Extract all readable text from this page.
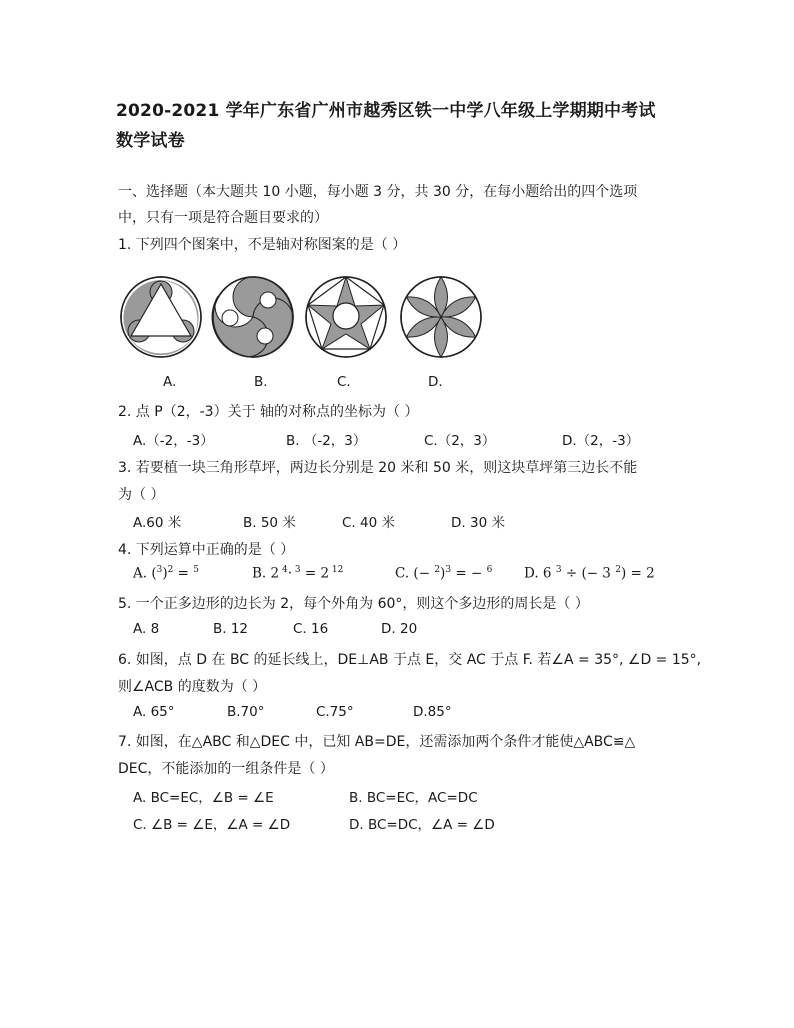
2020-2021 学年广东省广州市越秀区铁一中学八年级上学期期中考试
数学试卷
一、选择题（本大题共 10 小题，每小题 3 分，共 30 分，在每小题给出的四个选项
中，只有一项是符合题目要求的）
1. 下列四个图案中，不是轴对称图案的是（ ）
A.	B.	C.	D.
2. 点 P（2，-3）关于 轴的对称点的坐标为（ ）
A.（-2，-3）	B. （-2，3）	C.（2，3）	D.（2，-3）
3. 若要植一块三角形草坪，两边长分别是 20 米和 50 米，则这块草坪第三边长不能
为（ ）
A.60 米	B. 50 米	C. 40 米	D. 30 米
4. 下列运算中正确的是（ ）
A. $(^3)^2 = ^5$	B. 2 $^4$· $^3$ = 2 $^{12}$	C. (− $^2$)$^3$ = − $^6$ D. 6 $^3$ ÷ (− 3 $^2$) = 2
5. 一个正多边形的边长为 2，每个外角为 60°，则这个多边形的周长是（ ）
A. 8	B. 12	C. 16	D. 20
6. 如图，点 D 在 BC 的延长线上，DE⊥AB 于点 E，交 AC 于点 F. 若∠A = 35°, ∠D = 15°,
则∠ACB 的度数为（ ）
A. 65°	B.70°	C.75°	D.85°
7. 如图，在△ABC 和△DEC 中，已知 AB=DE，还需添加两个条件才能使△ABC≌△
DEC，不能添加的一组条件是（ ）
A. BC=EC，∠B = ∠E	B. BC=EC，AC=DC
C. ∠B = ∠E，∠A = ∠D	D. BC=DC，∠A = ∠D
